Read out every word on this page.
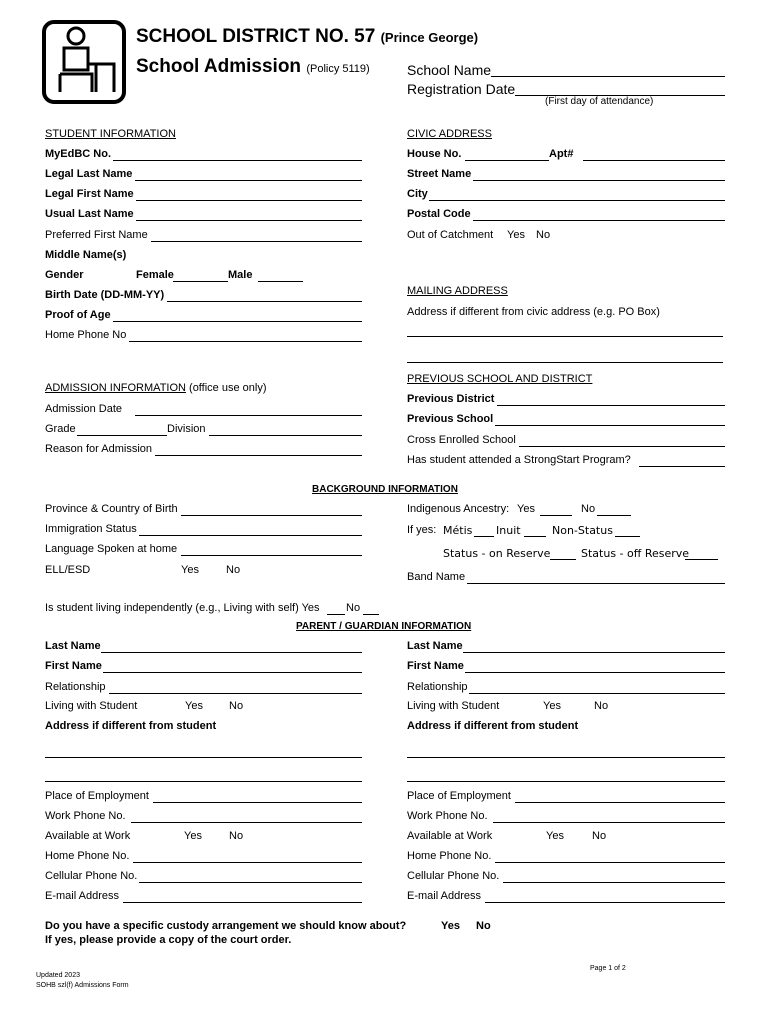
SCHOOL DISTRICT NO. 57 (Prince George)
School Admission (Policy 5119)	School Name
Registration Date
(First day of attendance)
STUDENT INFORMATION
MyEdBC No.
Legal Last Name
Legal First Name
Usual Last Name
Preferred First Name
Middle Name(s)
Gender	Female	Male
Birth Date (DD-MM-YY)
Proof of Age
Home Phone No
CIVIC ADDRESS
House No.	Apt#
Street Name
City
Postal Code
Out of Catchment Yes No
MAILING ADDRESS
Address if different from civic address (e.g. PO Box)
ADMISSION INFORMATION (office use only)
Admission Date
Grade	Division
Reason for Admission
PREVIOUS SCHOOL AND DISTRICT
Previous District
Previous School
Cross Enrolled School
Has student attended a StrongStart Program?
BACKGROUND INFORMATION
Province & Country of Birth
Immigration Status
Language Spoken at home
ELL/ESD	Yes No
Indigenous Ancestry: Yes	No
If yes: Métis Inuit	Non-Status
Status - on Reserve	Status - off Reserve
Band Name
Is student living independently (e.g., Living with self) Yes No
PARENT / GUARDIAN INFORMATION
Last Name
First Name
Relationship
Living with Student	Yes No
Address if different from student
Place of Employment
Work Phone No.
Available at Work	Yes No
Home Phone No.
Cellular Phone No.
E-mail Address
Last Name
First Name
Relationship
Living with Student	Yes	No
Address if different from student
Place of Employment
Work Phone No.
Available at Work	Yes	No
Home Phone No.
Cellular Phone No.
E-mail Address
Do you have a specific custody arrangement we should know about?	Yes No
If yes, please provide a copy of the court order.
Page 1 of 2
Updated 2023
SOHB szl(f) Admissions Form
